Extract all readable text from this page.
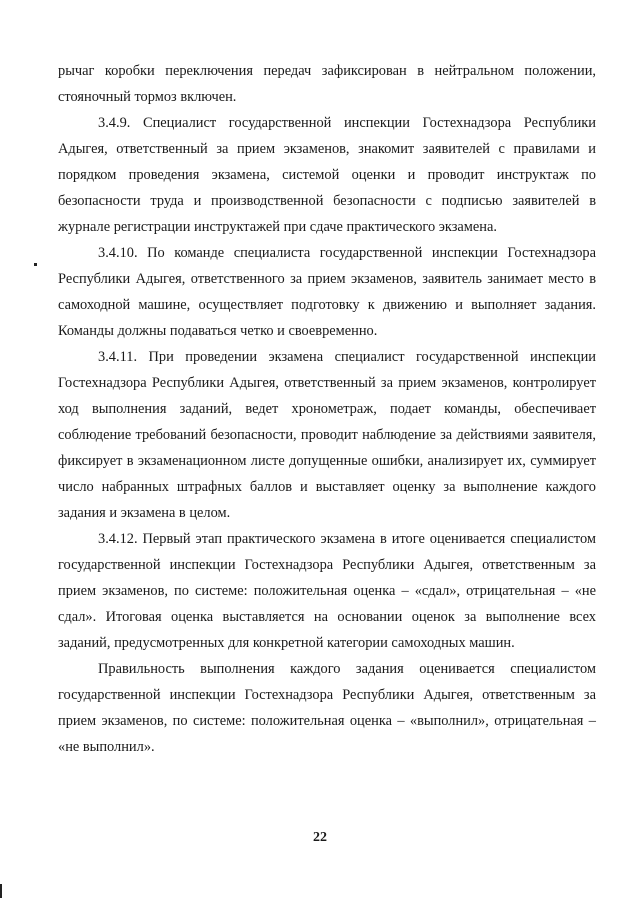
рычаг коробки переключения передач зафиксирован в нейтральном положении, стояночный тормоз включен.

3.4.9. Специалист государственной инспекции Гостехнадзора Республики Адыгея, ответственный за прием экзаменов, знакомит заявителей с правилами и порядком проведения экзамена, системой оценки и проводит инструктаж по безопасности труда и производственной безопасности с подписью заявителей в журнале регистрации инструктажей при сдаче практического экзамена.

3.4.10. По команде специалиста государственной инспекции Гостехнадзора Республики Адыгея, ответственного за прием экзаменов, заявитель занимает место в самоходной машине, осуществляет подготовку к движению и выполняет задания. Команды должны подаваться четко и своевременно.

3.4.11. При проведении экзамена специалист государственной инспекции Гостехнадзора Республики Адыгея, ответственный за прием экзаменов, контролирует ход выполнения заданий, ведет хронометраж, подает команды, обеспечивает соблюдение требований безопасности, проводит наблюдение за действиями заявителя, фиксирует в экзаменационном листе допущенные ошибки, анализирует их, суммирует число набранных штрафных баллов и выставляет оценку за выполнение каждого задания и экзамена в целом.

3.4.12. Первый этап практического экзамена в итоге оценивается специалистом государственной инспекции Гостехнадзора Республики Адыгея, ответственным за прием экзаменов, по системе: положительная оценка – «сдал», отрицательная – «не сдал». Итоговая оценка выставляется на основании оценок за выполнение всех заданий, предусмотренных для конкретной категории самоходных машин.

Правильность выполнения каждого задания оценивается специалистом государственной инспекции Гостехнадзора Республики Адыгея, ответственным за прием экзаменов, по системе: положительная оценка – «выполнил», отрицательная – «не выполнил».

22
